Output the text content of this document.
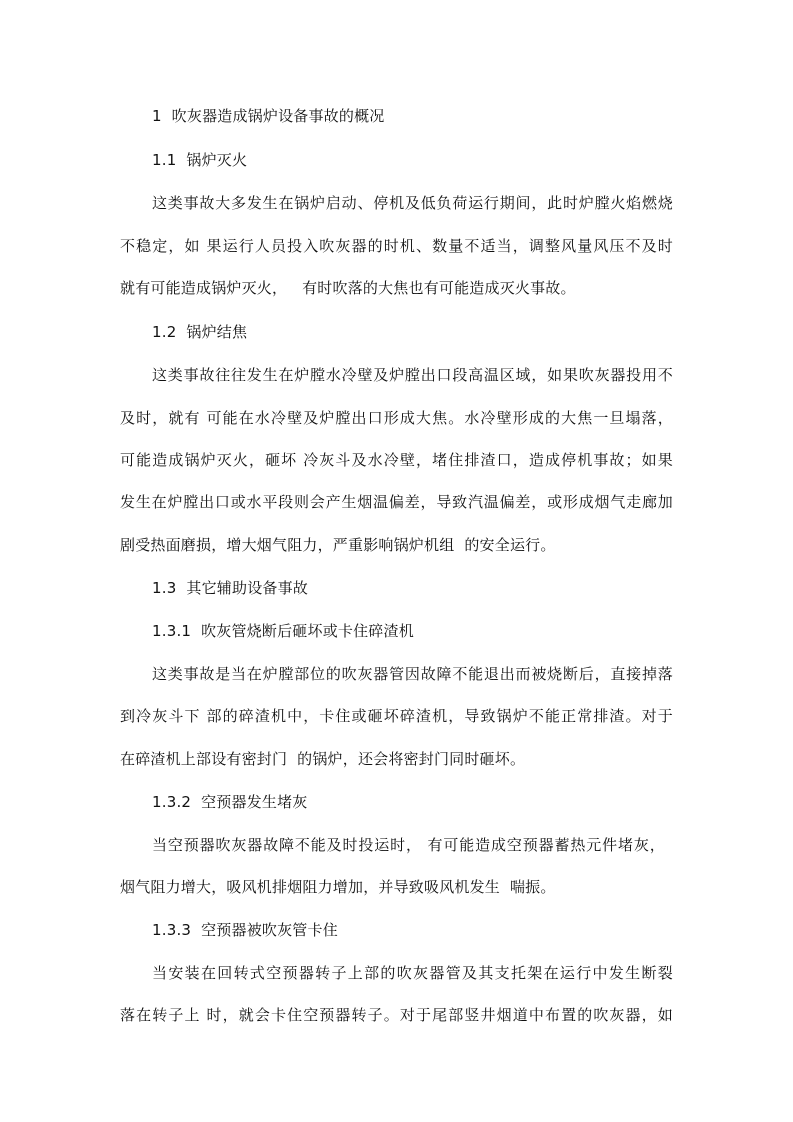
1  吹灰器造成锅炉设备事故的概况
1.1  锅炉灭火
这类事故大多发生在锅炉启动、停机及低负荷运行期间，此时炉膛火焰燃烧
不稳定，如 果运行人员投入吹灰器的时机、数量不适当，调整风量风压不及时
就有可能造成锅炉灭火，   有时吹落的大焦也有可能造成灭火事故。
1.2  锅炉结焦
这类事故往往发生在炉膛水冷壁及炉膛出口段高温区域，如果吹灰器投用不
及时，就有 可能在水冷壁及炉膛出口形成大焦。水冷壁形成的大焦一旦塌落，
可能造成锅炉灭火，砸坏 冷灰斗及水冷壁，堵住排渣口，造成停机事故；如果
发生在炉膛出口或水平段则会产生烟温偏差，导致汽温偏差，或形成烟气走廊加
剧受热面磨损，增大烟气阻力，严重影响锅炉机组  的安全运行。
1.3  其它辅助设备事故
1.3.1  吹灰管烧断后砸坏或卡住碎渣机
这类事故是当在炉膛部位的吹灰器管因故障不能退出而被烧断后，直接掉落
到冷灰斗下 部的碎渣机中，卡住或砸坏碎渣机，导致锅炉不能正常排渣。对于
在碎渣机上部设有密封门  的锅炉，还会将密封门同时砸坏。
1.3.2  空预器发生堵灰
当空预器吹灰器故障不能及时投运时， 有可能造成空预器蓄热元件堵灰，
烟气阻力增大，吸风机排烟阻力增加，并导致吸风机发生  喘振。
1.3.3  空预器被吹灰管卡住
当安装在回转式空预器转子上部的吹灰器管及其支托架在运行中发生断裂
落在转子上 时，就会卡住空预器转子。对于尾部竖井烟道中布置的吹灰器，如
